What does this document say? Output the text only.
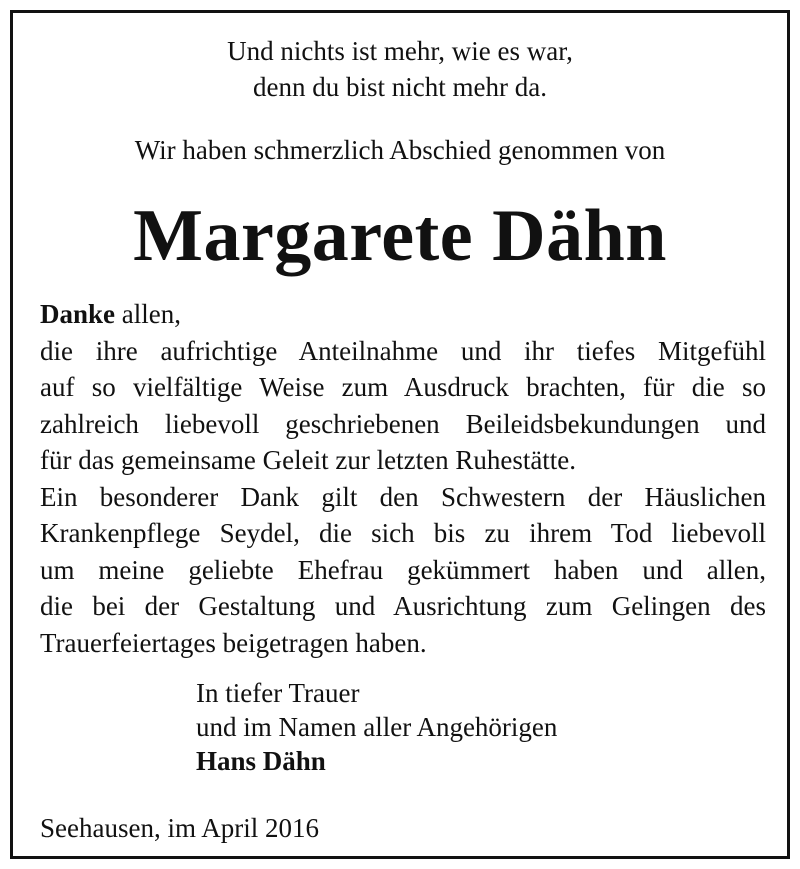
Und nichts ist mehr, wie es war,
denn du bist nicht mehr da.
Wir haben schmerzlich Abschied genommen von
Margarete Dähn
Danke allen,
die ihre aufrichtige Anteilnahme und ihr tiefes Mitgefühl
auf so vielfältige Weise zum Ausdruck brachten, für die so
zahlreich liebevoll geschriebenen Beileidsbekundungen und
für das gemeinsame Geleit zur letzten Ruhestätte.
Ein besonderer Dank gilt den Schwestern der Häuslichen
Krankenpflege Seydel, die sich bis zu ihrem Tod liebevoll
um meine geliebte Ehefrau gekümmert haben und allen,
die bei der Gestaltung und Ausrichtung zum Gelingen des
Trauerfeiertages beigetragen haben.
In tiefer Trauer
und im Namen aller Angehörigen
Hans Dähn
Seehausen, im April 2016
